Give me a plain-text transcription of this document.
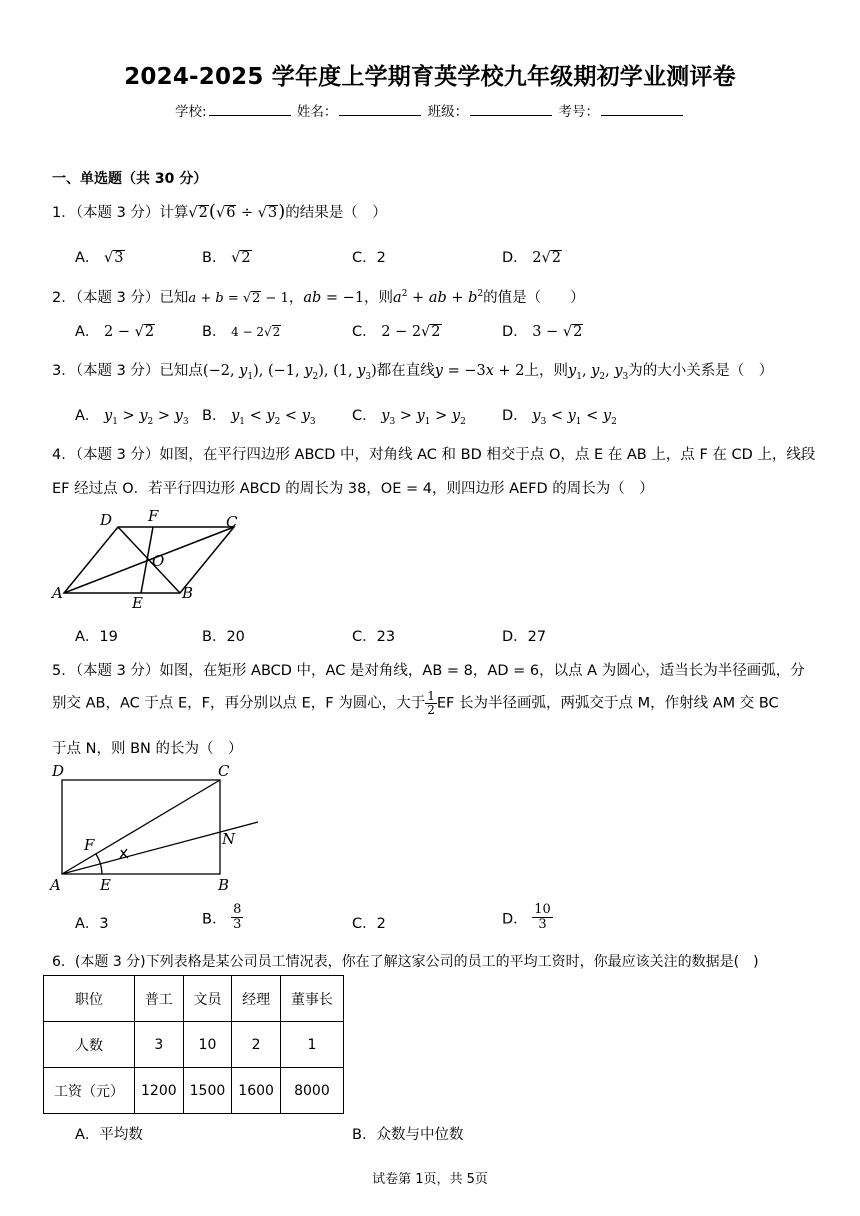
2024-2025 学年度上学期育英学校九年级期初学业测评卷
学校:	姓名：	班级：	考号：
一、单选题（共 30 分）
1．（本题 3 分）计算√2(√6 ÷ √3)的结果是（　）
A． √3	B． √2	C．2	D． 2√2
2．（本题 3 分）已知a + b = √2 − 1，ab = −1，则$a^2$ + ab + $b^2$的值是（　　）
A． 2 − √2	B． 4 − 2√2	C． 2 − 2√2	D． 3 − √2
3．（本题 3 分）已知点(−2, $y_1$), (−1, $y_2$), (1, $y_3$)都在直线y = −3x + 2上，则$y_1$, $y_2$, $y_3$为的大小关系是（　）
A． $y_1 > y_2 > y_3$ B． $y_1 < y_2 < y_3$	C． $y_3 > y_1 > y_2$ D． $y_3 < y_1 < y_2$
4．（本题 3 分）如图，在平行四边形 ABCD 中，对角线 AC 和 BD 相交于点 O，点 E 在 AB 上，点 F 在 CD 上，线段
EF 经过点 O．若平行四边形 ABCD 的周长为 38，OE = 4，则四边形 AEFD 的周长为（　）
D F	C
O
A
E
B
A．19	B．20	C．23	D．27
5．（本题 3 分）如图，在矩形 ABCD 中，AC 是对角线，AB = 8，AD = 6，以点 A 为圆心，适当长为半径画弧，分
别交 AB，AC 于点 E，F，再分别以点 E，F 为圆心，大于 $\frac{1}{2}$ EF 长为半径画弧，两弧交于点 M，作射线 AM 交 BC
于点 N，则 BN 的长为（　）
D	C
F	N
A	E	B
A．3	B． $\frac{8}{3}$	C．2	D． $\frac{10}{3}$
6．(本题 3 分)下列表格是某公司员工情况表，你在了解这家公司的员工的平均工资时，你最应该关注的数据是(　)
职位	普工	文员	经理	董事长
人数	3	10	2	1
工资（元）	1200	1500	1600	8000
A．平均数	B．众数与中位数
试卷第 1页，共 5页
